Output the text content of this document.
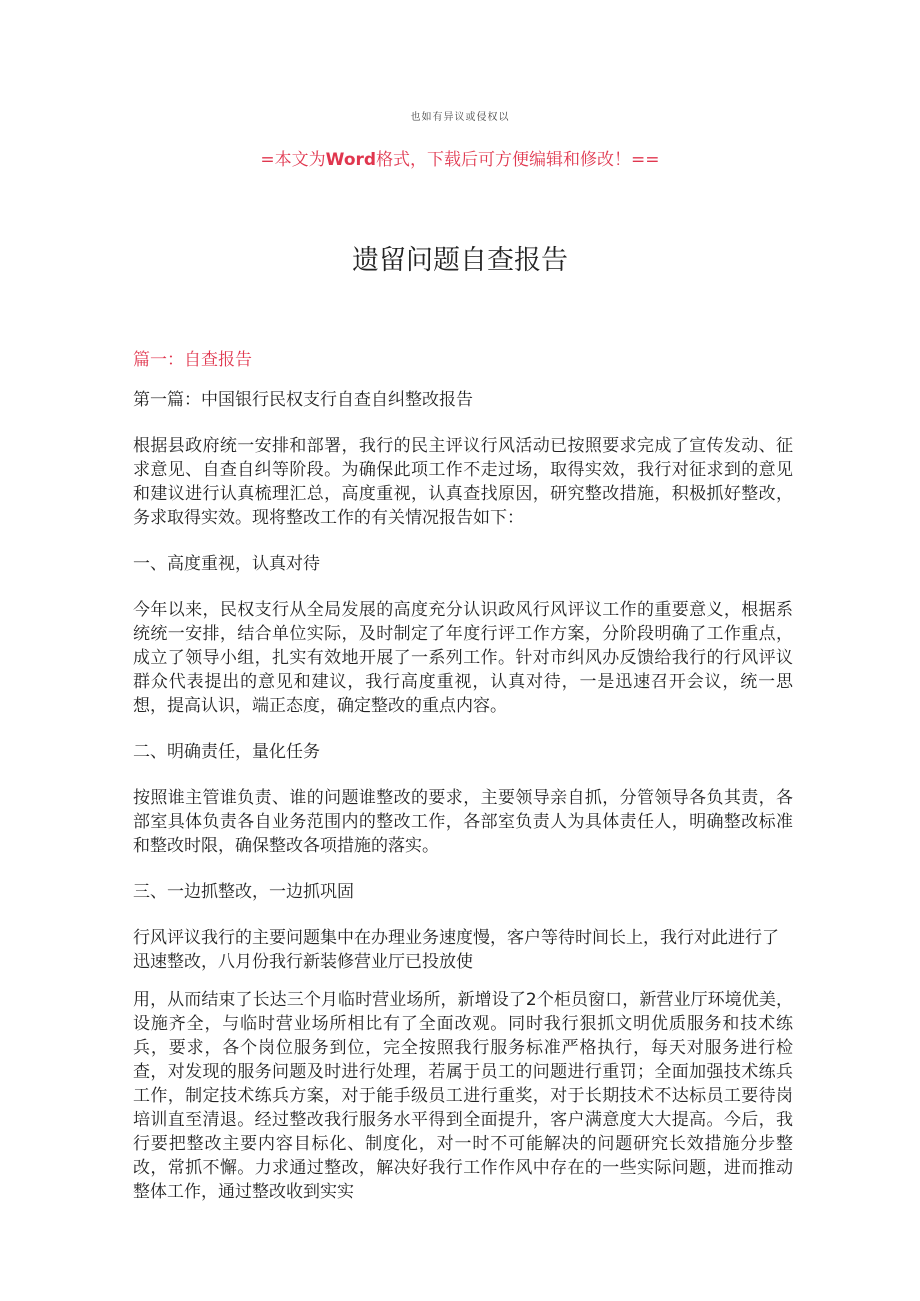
也如有异议或侵权以
=本文为Word格式，下载后可方便编辑和修改！==
遗留问题自查报告
篇一：自查报告

第一篇：中国银行民权支行自查自纠整改报告

根据县政府统一安排和部署，我行的民主评议行风活动已按照要求完成了宣传发动、征求意见、自查自纠等阶段。为确保此项工作不走过场，取得实效，我行对征求到的意见和建议进行认真梳理汇总，高度重视，认真查找原因，研究整改措施，积极抓好整改，务求取得实效。现将整改工作的有关情况报告如下：

一、高度重视，认真对待

今年以来，民权支行从全局发展的高度充分认识政风行风评议工作的重要意义，根据系统统一安排，结合单位实际，及时制定了年度行评工作方案，分阶段明确了工作重点，成立了领导小组，扎实有效地开展了一系列工作。针对市纠风办反馈给我行的行风评议群众代表提出的意见和建议，我行高度重视，认真对待，一是迅速召开会议，统一思想，提高认识，端正态度，确定整改的重点内容。

二、明确责任，量化任务

按照谁主管谁负责、谁的问题谁整改的要求，主要领导亲自抓，分管领导各负其责，各部室具体负责各自业务范围内的整改工作，各部室负责人为具体责任人，明确整改标准和整改时限，确保整改各项措施的落实。

三、一边抓整改，一边抓巩固

行风评议我行的主要问题集中在办理业务速度慢，客户等待时间长上，我行对此进行了迅速整改，八月份我行新装修营业厅已投放使

用，从而结束了长达三个月临时营业场所，新增设了2个柜员窗口，新营业厅环境优美，设施齐全，与临时营业场所相比有了全面改观。同时我行狠抓文明优质服务和技术练兵，要求，各个岗位服务到位，完全按照我行服务标准严格执行，每天对服务进行检查，对发现的服务问题及时进行处理，若属于员工的问题进行重罚；全面加强技术练兵工作，制定技术练兵方案，对于能手级员工进行重奖，对于长期技术不达标员工要待岗培训直至清退。经过整改我行服务水平得到全面提升，客户满意度大大提高。今后，我行要把整改主要内容目标化、制度化，对一时不可能解决的问题研究长效措施分步整改，常抓不懈。力求通过整改，解决好我行工作作风中存在的一些实际问题，进而推动整体工作，通过整改收到实实
